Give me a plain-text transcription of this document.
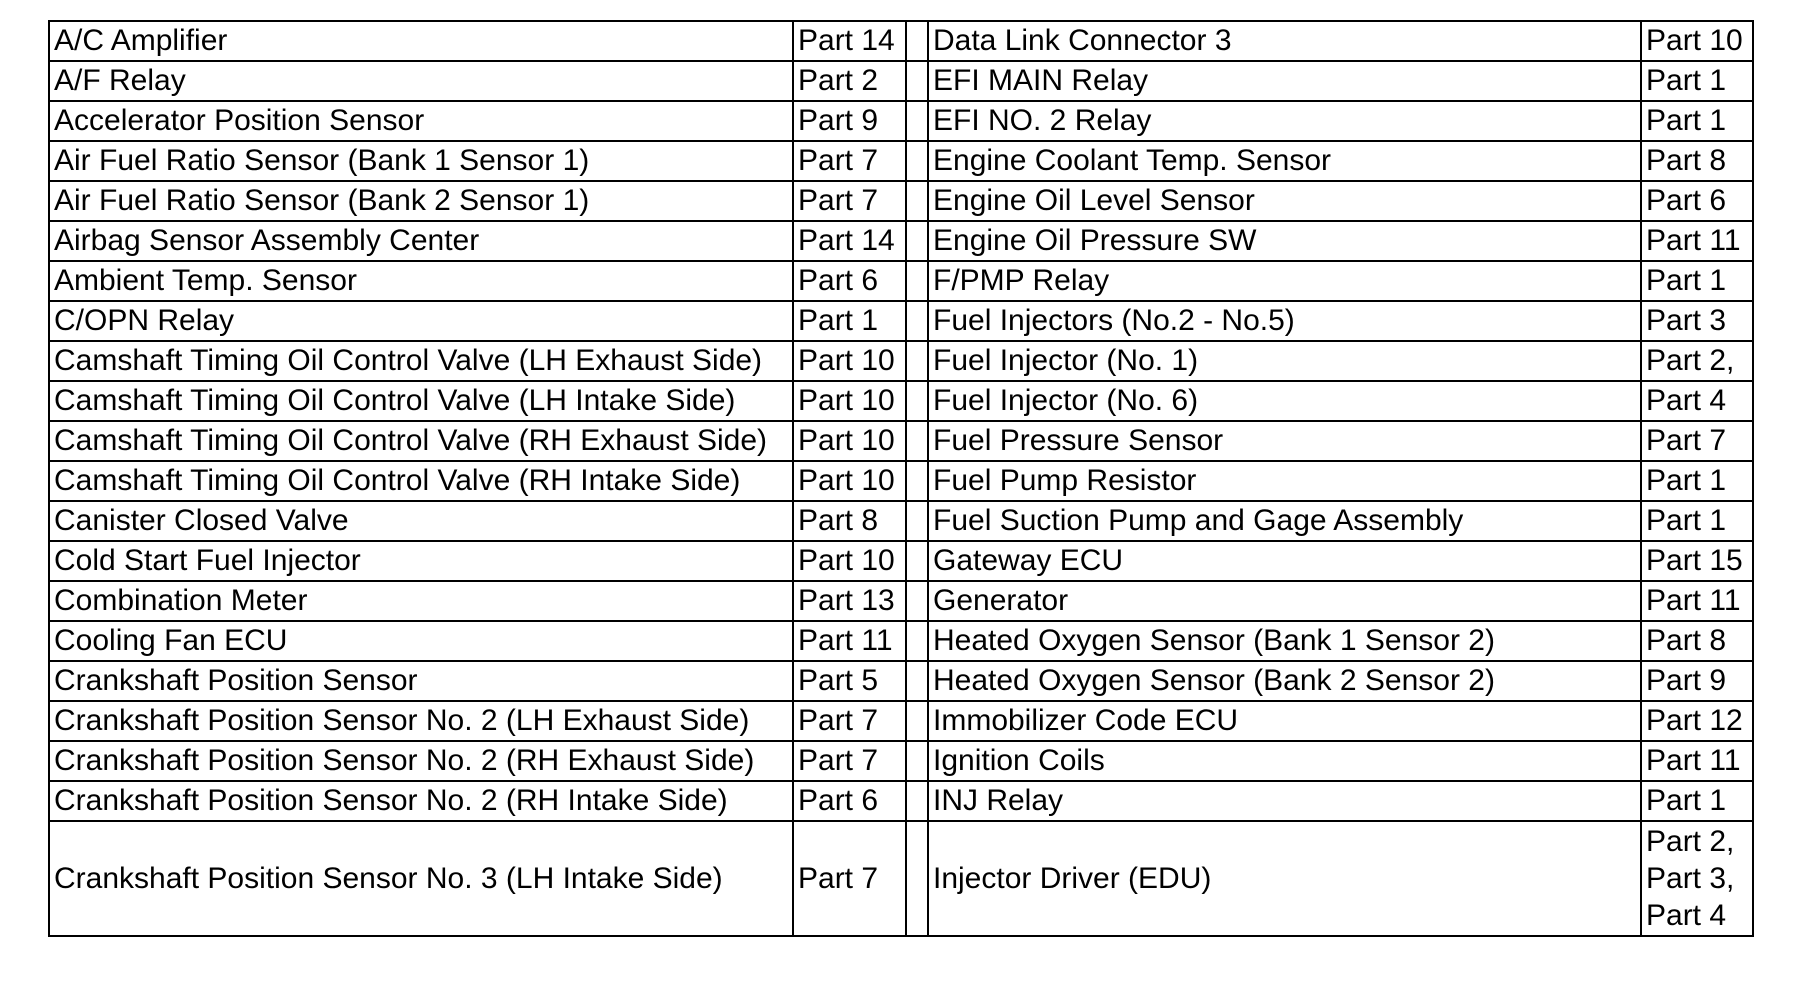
A/C Amplifier	Part 14		Data Link Connector 3	Part 10
A/F Relay	Part 2		EFI MAIN Relay	Part 1
Accelerator Position Sensor	Part 9		EFI NO. 2 Relay	Part 1
Air Fuel Ratio Sensor (Bank 1 Sensor 1)	Part 7		Engine Coolant Temp. Sensor	Part 8
Air Fuel Ratio Sensor (Bank 2 Sensor 1)	Part 7		Engine Oil Level Sensor	Part 6
Airbag Sensor Assembly Center	Part 14		Engine Oil Pressure SW	Part 11
Ambient Temp. Sensor	Part 6		F/PMP Relay	Part 1
C/OPN Relay	Part 1		Fuel Injectors (No.2 - No.5)	Part 3
Camshaft Timing Oil Control Valve (LH Exhaust Side)	Part 10		Fuel Injector (No. 1)	Part 2,
Camshaft Timing Oil Control Valve (LH Intake Side)	Part 10		Fuel Injector (No. 6)	Part 4
Camshaft Timing Oil Control Valve (RH Exhaust Side)	Part 10		Fuel Pressure Sensor	Part 7
Camshaft Timing Oil Control Valve (RH Intake Side)	Part 10		Fuel Pump Resistor	Part 1
Canister Closed Valve	Part 8		Fuel Suction Pump and Gage Assembly	Part 1
Cold Start Fuel Injector	Part 10		Gateway ECU	Part 15
Combination Meter	Part 13		Generator	Part 11
Cooling Fan ECU	Part 11		Heated Oxygen Sensor (Bank 1 Sensor 2)	Part 8
Crankshaft Position Sensor	Part 5		Heated Oxygen Sensor (Bank 2 Sensor 2)	Part 9
Crankshaft Position Sensor No. 2 (LH Exhaust Side)	Part 7		Immobilizer Code ECU	Part 12
Crankshaft Position Sensor No. 2 (RH Exhaust Side)	Part 7		Ignition Coils	Part 11
Crankshaft Position Sensor No. 2 (RH Intake Side)	Part 6		INJ Relay	Part 1
Crankshaft Position Sensor No. 3 (LH Intake Side)	Part 7		Injector Driver (EDU)	Part 2,
Part 3,
Part 4
